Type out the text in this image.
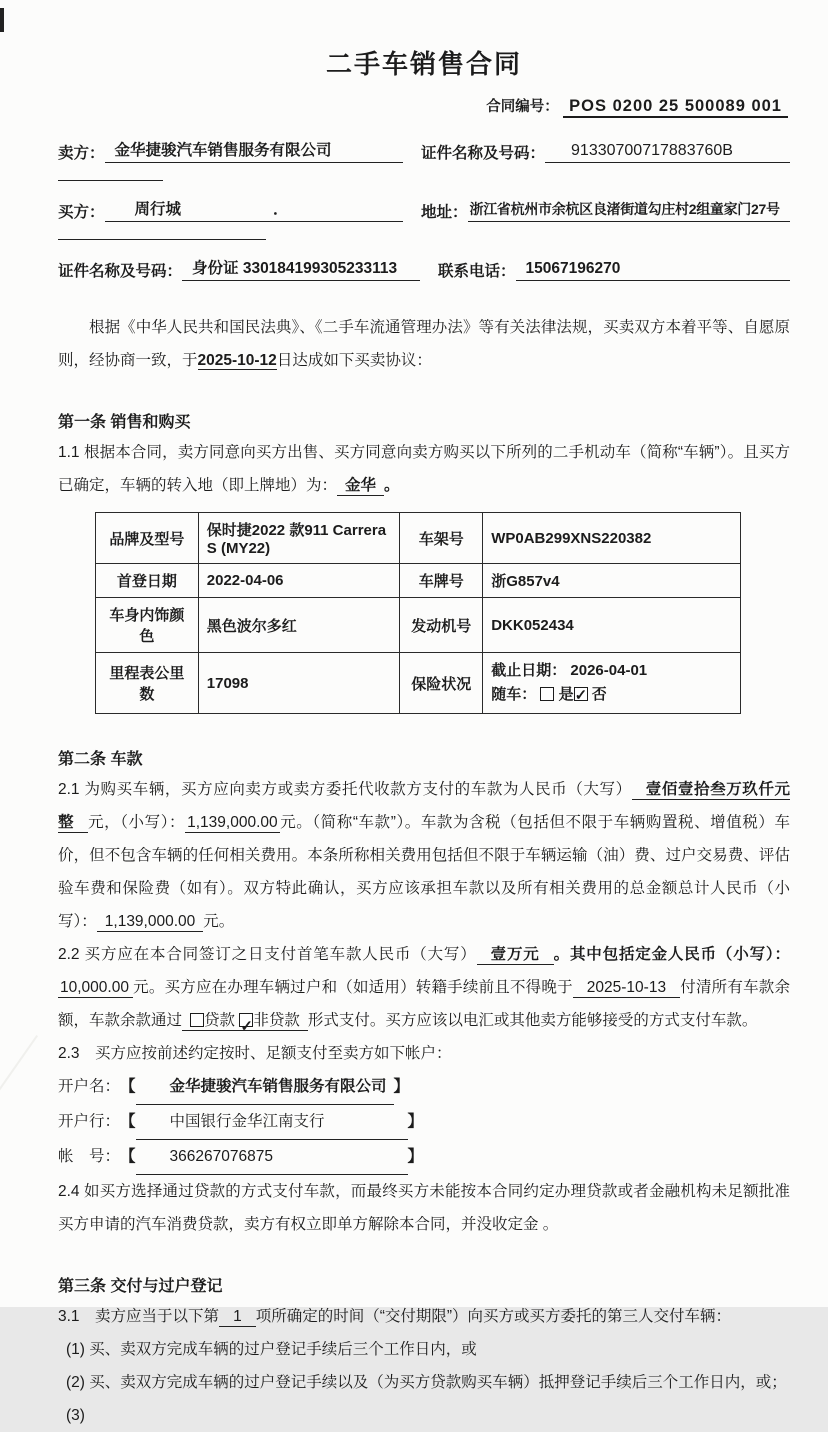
二手车销售合同
合同编号： POS 0200 25 500089 001
卖方： 金华捷骏汽车销售服务有限公司	证件名称及号码：	91330700717883760B
买方：	周行城	．	地址： 浙江省杭州市余杭区良渚街道勾庄村2组童家门27号
证件名称及号码： 身份证 330184199305233113	联系电话： 15067196270

根据《中华人民共和国民法典》、《二手车流通管理办法》等有关法律法规，买卖双方本着平等、自愿原则，经协商一致，于2025-10-12日达成如下买卖协议：

第一条 销售和购买

1.1 根据本合同，卖方同意向买方出售、买方同意向卖方购买以下所列的二手机动车（简称“车辆”）。且买方已确定，车辆的转入地（即上牌地）为： 金华 。

品牌及型号	保时捷2022 款911 Carrera S (MY22)	车架号	WP0AB299XNS220382
首登日期	2022-04-06	车牌号	浙G857v4
车身内饰颜色	黑色波尔多红	发动机号	DKK052434
里程表公里数	17098	保险状况	截止日期： 2026-04-01
随车： 是 ✓ 否
第二条 车款

2.1 为购买车辆，买方应向卖方或卖方委托代收款方支付的车款为人民币（大写） 壹佰壹拾叁万玖仟元整 元，（小写）： 1,139,000.00 元。（简称“车款”）。车款为含税（包括但不限于车辆购置税、增值税）车价，但不包含车辆的任何相关费用。本条所称相关费用包括但不限于车辆运输（油）费、过户交易费、评估验车费和保险费（如有）。双方特此确认，买方应该承担车款以及所有相关费用的总金额总计人民币（小写）： 1,139,000.00 元。

2.2 买方应在本合同签订之日支付首笔车款人民币（大写） 壹万元 。其中包括定金人民币（小写）：10,000.00 元。买方应在办理车辆过户和（如适用）转籍手续前且不得晚于 2025-10-13 付清所有车款余额，车款余款通过 贷款 ✓ 非贷款 形式支付。买方应该以电汇或其他卖方能够接受的方式支付车款。

2.3　买方应按前述约定按时、足额支付至卖方如下帐户：

开户名： 【	金华捷骏汽车销售服务有限公司 】
开户行： 【	中国银行金华江南支行	】
帐　号： 【	366267076875	】

2.4 如买方选择通过贷款的方式支付车款，而最终买方未能按本合同约定办理贷款或者金融机构未足额批准买方申请的汽车消费贷款，卖方有权立即单方解除本合同，并没收定金 。

第三条 交付与过户登记

3.1　卖方应当于以下第 1 项所确定的时间（“交付期限”）向买方或买方委托的第三人交付车辆：

(1) 买、卖双方完成车辆的过户登记手续后三个工作日内，或

(2) 买、卖双方完成车辆的过户登记手续以及（为买方贷款购买车辆）抵押登记手续后三个工作日内，或；

(3)
